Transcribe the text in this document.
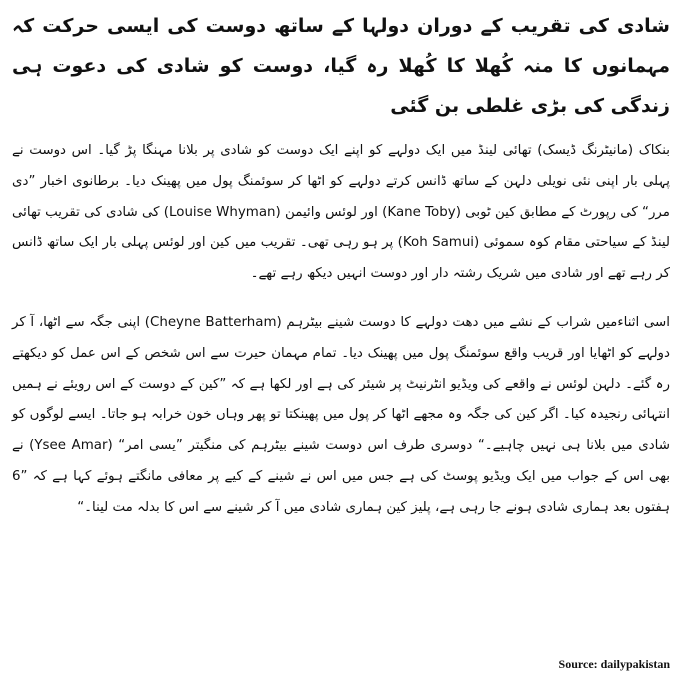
شادی کی تقریب کے دوران دولہا کے ساتھ دوست کی ایسی حرکت کہ مہمانوں کا منہ کُھلا کا کُھلا رہ گیا، دوست کو شادی کی دعوت ہی زندگی کی بڑی غلطی بن گئی

بنکاک (مانیٹرنگ ڈیسک) تھائی لینڈ میں ایک دولہے کو اپنے ایک دوست کو شادی پر بلانا مہنگا پڑ گیا۔ اس دوست نے پہلی بار اپنی نئی نویلی دلہن کے ساتھ ڈانس کرتے دولہے کو اٹھا کر سوئمنگ پول میں پھینک دیا۔ برطانوی اخبار ”دی مرر“ کی رپورٹ کے مطابق کین ٹوبی (Kane Toby) اور لوئس وائیمن (Louise Whyman) کی شادی کی تقریب تھائی لینڈ کے سیاحتی مقام کوہ سموئی (Koh Samui) پر ہو رہی تھی۔ تقریب میں کین اور لوئس پہلی بار ایک ساتھ ڈانس کر رہے تھے اور شادی میں شریک رشتہ دار اور دوست انہیں دیکھ رہے تھے۔

اسی اثناءمیں شراب کے نشے میں دھت دولہے کا دوست شینے بیٹرہم (Cheyne Batterham) اپنی جگہ سے اٹھا، آ کر دولہے کو اٹھایا اور قریب واقع سوئمنگ پول میں پھینک دیا۔ تمام مہمان حیرت سے اس شخص کے اس عمل کو دیکھتے رہ گئے۔ دلہن لوئس نے واقعے کی ویڈیو انٹرنیٹ پر شیئر کی ہے اور لکھا ہے کہ ”کین کے دوست کے اس رویئے نے ہمیں انتہائی رنجیدہ کیا۔ اگر کین کی جگہ وہ مجھے اٹھا کر پول میں پھینکتا تو پھر وہاں خون خرابہ ہو جاتا۔ ایسے لوگوں کو شادی میں بلانا ہی نہیں چاہیے۔“ دوسری طرف اس دوست شینے بیٹرہم کی منگیتر ”یسی امر“ (Ysee Amar) نے بھی اس کے جواب میں ایک ویڈیو پوسٹ کی ہے جس میں اس نے شینے کے کیے پر معافی مانگتے ہوئے کہا ہے کہ ”6 ہفتوں بعد ہماری شادی ہونے جا رہی ہے، پلیز کین ہماری شادی میں آ کر شینے سے اس کا بدلہ مت لینا۔“

Source: dailypakistan
